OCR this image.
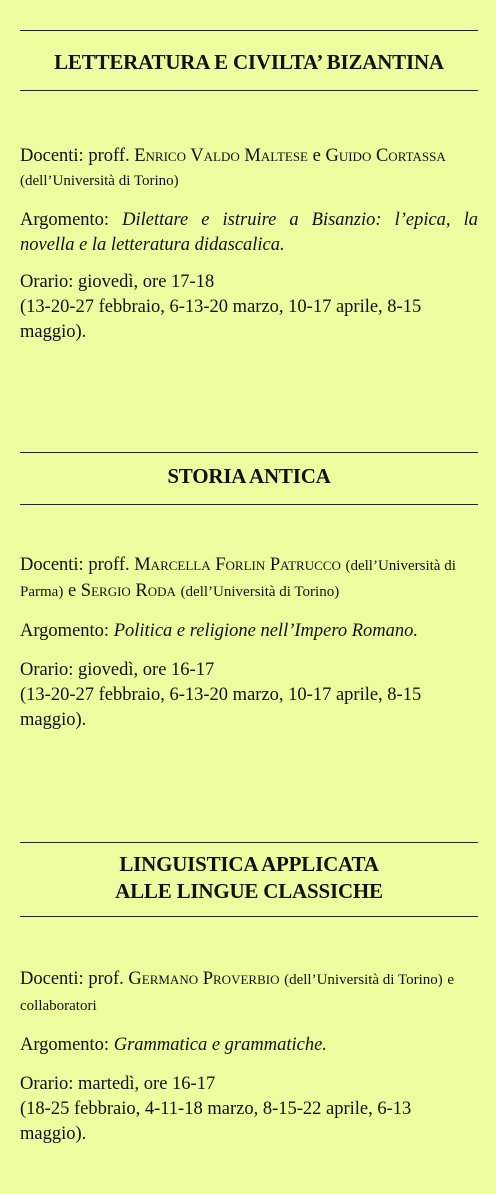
LETTERATURA E CIVILTA’ BIZANTINA

Docenti: proff. Enrico Valdo Maltese e Guido Cortassa

(dell’Università di Torino)

Argomento: Dilettare e istruire a Bisanzio: l’epica, la novella e la letteratura didascalica.

Orario: giovedì, ore 17-18

(13-20-27 febbraio, 6-13-20 marzo, 10-17 aprile, 8-15 maggio).

STORIA ANTICA

Docenti: proff. Marcella Forlin Patrucco (dell’Università di Parma) e Sergio Roda (dell’Università di Torino)

Argomento: Politica e religione nell’Impero Romano.

Orario: giovedì, ore 16-17

(13-20-27 febbraio, 6-13-20 marzo, 10-17 aprile, 8-15 maggio).

LINGUISTICA APPLICATA
ALLE LINGUE CLASSICHE

Docenti: prof. Germano Proverbio (dell’Università di Torino) e collaboratori

Argomento: Grammatica e grammatiche.

Orario: martedì, ore 16-17

(18-25 febbraio, 4-11-18 marzo, 8-15-22 aprile, 6-13 maggio).
